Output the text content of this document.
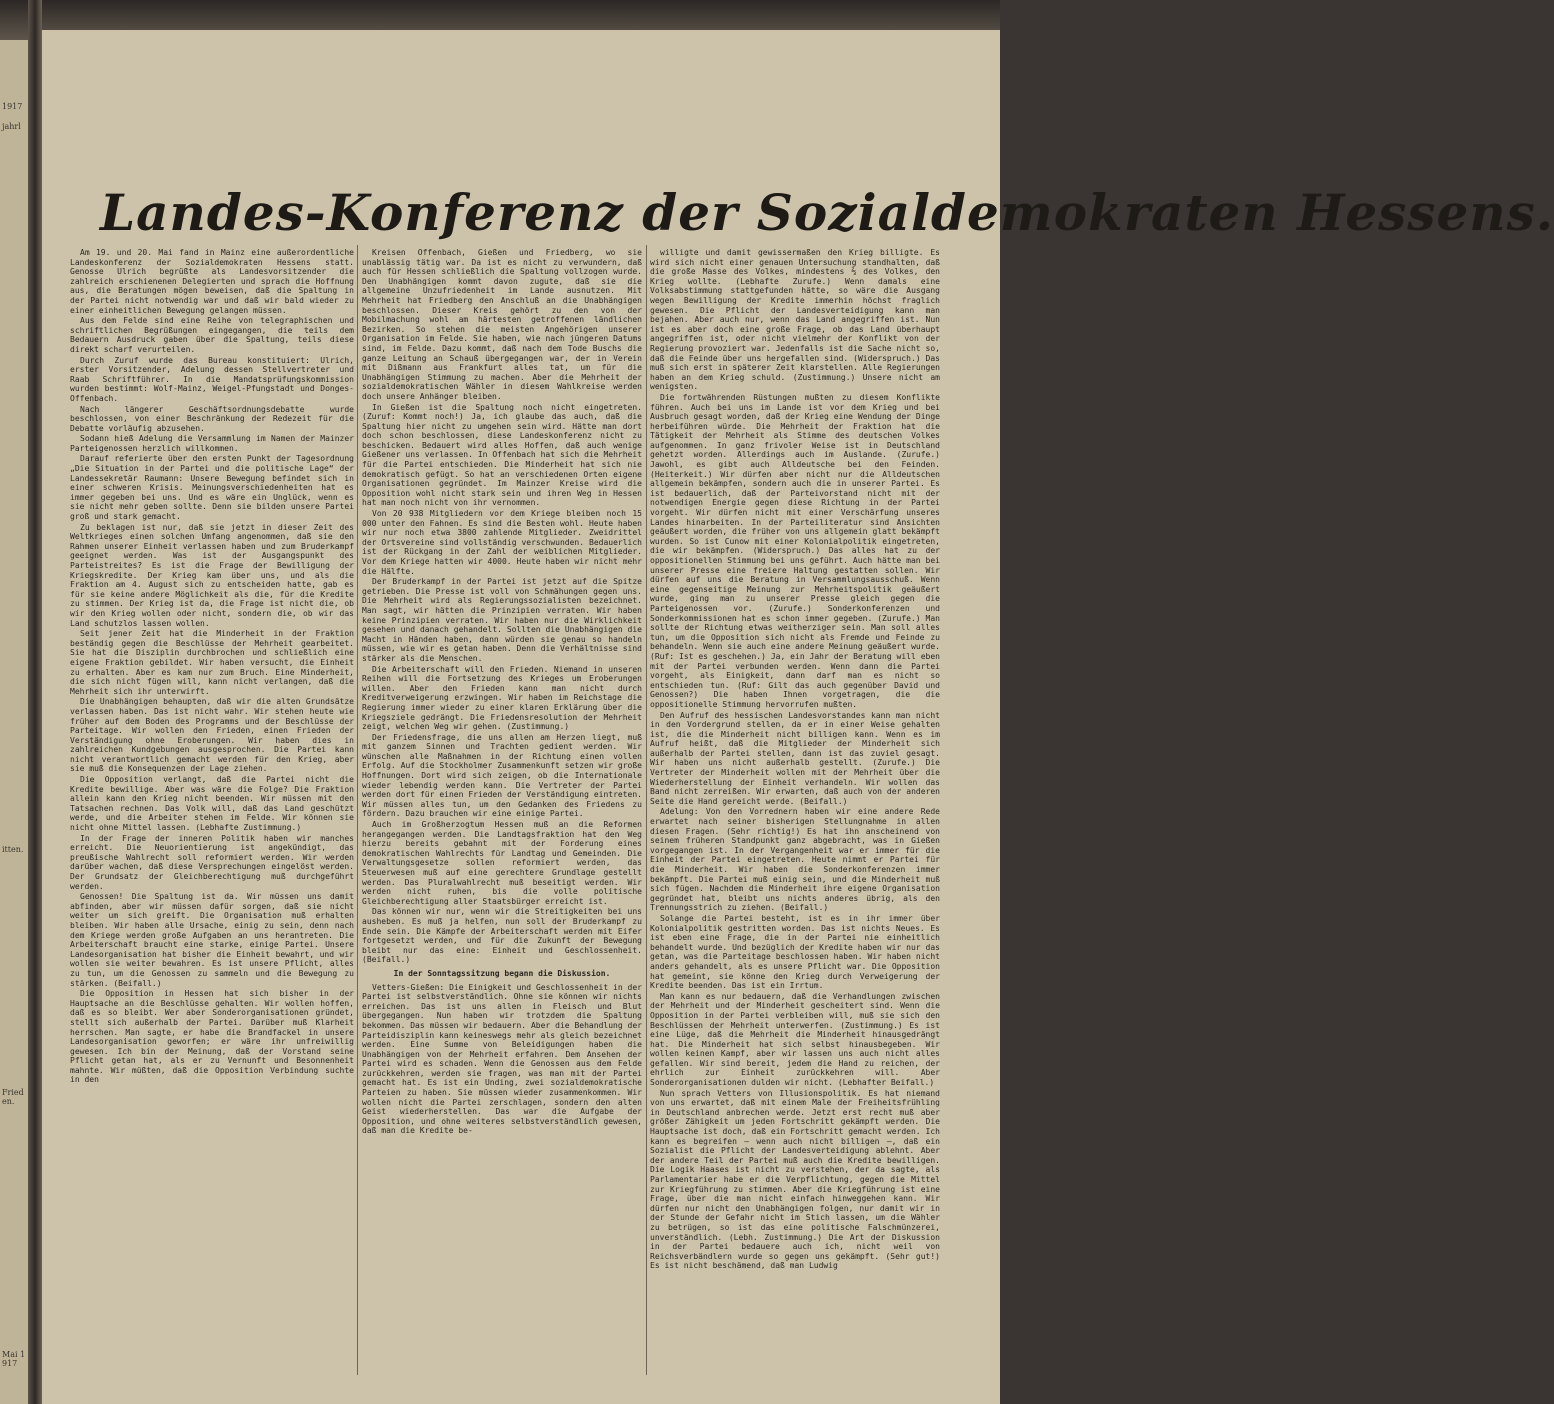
1917
jahrl
itten.
Frieden.
Mai 1917
Landes-Konferenz der Sozialdemokraten Hessens.

Am 19. und 20. Mai fand in Mainz eine außerordentliche Landeskonferenz der Sozialdemokraten Hessens statt. Genosse Ulrich begrüßte als Landesvorsitzender die zahlreich erschienenen Delegierten und sprach die Hoffnung aus, die Beratungen mögen beweisen, daß die Spaltung in der Partei nicht notwendig war und daß wir bald wieder zu einer einheitlichen Bewegung gelangen müssen.

Aus dem Felde sind eine Reihe von telegraphischen und schriftlichen Begrüßungen eingegangen, die teils dem Bedauern Ausdruck gaben über die Spaltung, teils diese direkt scharf verurteilen.

Durch Zuruf wurde das Bureau konstituiert: Ulrich, erster Vorsitzender, Adelung dessen Stellvertreter und Raab Schriftführer. In die Mandatsprüfungskommission wurden bestimmt: Wolf-Mainz, Weigel-Pfungstadt und Donges-Offenbach.

Nach längerer Geschäftsordnungsdebatte wurde beschlossen, von einer Beschränkung der Redezeit für die Debatte vorläufig abzusehen.

Sodann hieß Adelung die Versammlung im Namen der Mainzer Parteigenossen herzlich willkommen.

Darauf referierte über den ersten Punkt der Tagesordnung „Die Situation in der Partei und die politische Lage“ der Landessekretär Raumann: Unsere Bewegung befindet sich in einer schweren Krisis. Meinungsverschiedenheiten hat es immer gegeben bei uns. Und es wäre ein Unglück, wenn es sie nicht mehr geben sollte. Denn sie bilden unsere Partei groß und stark gemacht.

Zu beklagen ist nur, daß sie jetzt in dieser Zeit des Weltkrieges einen solchen Umfang angenommen, daß sie den Rahmen unserer Einheit verlassen haben und zum Bruderkampf geeignet werden. Was ist der Ausgangspunkt des Parteistreites? Es ist die Frage der Bewilligung der Kriegskredite. Der Krieg kam über uns, und als die Fraktion am 4. August sich zu entscheiden hatte, gab es für sie keine andere Möglichkeit als die, für die Kredite zu stimmen. Der Krieg ist da, die Frage ist nicht die, ob wir den Krieg wollen oder nicht, sondern die, ob wir das Land schutzlos lassen wollen.

Seit jener Zeit hat die Minderheit in der Fraktion beständig gegen die Beschlüsse der Mehrheit gearbeitet. Sie hat die Disziplin durchbrochen und schließlich eine eigene Fraktion gebildet. Wir haben versucht, die Einheit zu erhalten. Aber es kam nur zum Bruch. Eine Minderheit, die sich nicht fügen will, kann nicht verlangen, daß die Mehrheit sich ihr unterwirft.

Die Unabhängigen behaupten, daß wir die alten Grundsätze verlassen haben. Das ist nicht wahr. Wir stehen heute wie früher auf dem Boden des Programms und der Beschlüsse der Parteitage. Wir wollen den Frieden, einen Frieden der Verständigung ohne Eroberungen. Wir haben dies in zahlreichen Kundgebungen ausgesprochen. Die Partei kann nicht verantwortlich gemacht werden für den Krieg, aber sie muß die Konsequenzen der Lage ziehen.

Die Opposition verlangt, daß die Partei nicht die Kredite bewillige. Aber was wäre die Folge? Die Fraktion allein kann den Krieg nicht beenden. Wir müssen mit den Tatsachen rechnen. Das Volk will, daß das Land geschützt werde, und die Arbeiter stehen im Felde. Wir können sie nicht ohne Mittel lassen. (Lebhafte Zustimmung.)

In der Frage der inneren Politik haben wir manches erreicht. Die Neuorientierung ist angekündigt, das preußische Wahlrecht soll reformiert werden. Wir werden darüber wachen, daß diese Versprechungen eingelöst werden. Der Grundsatz der Gleichberechtigung muß durchgeführt werden.

Genossen! Die Spaltung ist da. Wir müssen uns damit abfinden, aber wir müssen dafür sorgen, daß sie nicht weiter um sich greift. Die Organisation muß erhalten bleiben. Wir haben alle Ursache, einig zu sein, denn nach dem Kriege werden große Aufgaben an uns herantreten. Die Arbeiterschaft braucht eine starke, einige Partei. Unsere Landesorganisation hat bisher die Einheit bewahrt, und wir wollen sie weiter bewahren. Es ist unsere Pflicht, alles zu tun, um die Genossen zu sammeln und die Bewegung zu stärken. (Beifall.)

Die Opposition in Hessen hat sich bisher in der Hauptsache an die Beschlüsse gehalten. Wir wollen hoffen, daß es so bleibt. Wer aber Sonderorganisationen gründet, stellt sich außerhalb der Partei. Darüber muß Klarheit herrschen. Man sagte, er habe die Brandfackel in unsere Landesorganisation geworfen; er wäre ihr unfreiwillig gewesen. Ich bin der Meinung, daß der Vorstand seine Pflicht getan hat, als er zu Vernunft und Besonnenheit mahnte. Wir müßten, daß die Opposition Verbindung suchte in den

Kreisen Offenbach, Gießen und Friedberg, wo sie unablässig tätig war. Da ist es nicht zu verwundern, daß auch für Hessen schließlich die Spaltung vollzogen wurde. Den Unabhängigen kommt davon zugute, daß sie die allgemeine Unzufriedenheit im Lande ausnutzen. Mit Mehrheit hat Friedberg den Anschluß an die Unabhängigen beschlossen. Dieser Kreis gehört zu den von der Mobilmachung wohl am härtesten getroffenen ländlichen Bezirken. So stehen die meisten Angehörigen unserer Organisation im Felde. Sie haben, wie nach jüngeren Datums sind, im Felde. Dazu kommt, daß nach dem Tode Buschs die ganze Leitung an Schauß übergegangen war, der in Verein mit Dißmann aus Frankfurt alles tat, um für die Unabhängigen Stimmung zu machen. Aber die Mehrheit der sozialdemokratischen Wähler in diesem Wahlkreise werden doch unsere Anhänger bleiben.

In Gießen ist die Spaltung noch nicht eingetreten. (Zuruf: Kommt noch!) Ja, ich glaube das auch, daß die Spaltung hier nicht zu umgehen sein wird. Hätte man dort doch schon beschlossen, diese Landeskonferenz nicht zu beschicken. Bedauert wird alles Hoffen, daß auch wenige Gießener uns verlassen. In Offenbach hat sich die Mehrheit für die Partei entschieden. Die Minderheit hat sich nie demokratisch gefügt. So hat an verschiedenen Orten eigene Organisationen gegründet. Im Mainzer Kreise wird die Opposition wohl nicht stark sein und ihren Weg in Hessen hat man noch nicht von ihr vernommen.

Von 20 938 Mitgliedern vor dem Kriege bleiben noch 15 000 unter den Fahnen. Es sind die Besten wohl. Heute haben wir nur noch etwa 3800 zahlende Mitglieder. Zweidrittel der Ortsvereine sind vollständig verschwunden. Bedauerlich ist der Rückgang in der Zahl der weiblichen Mitglieder. Vor dem Kriege hatten wir 4000. Heute haben wir nicht mehr die Hälfte.

Der Bruderkampf in der Partei ist jetzt auf die Spitze getrieben. Die Presse ist voll von Schmähungen gegen uns. Die Mehrheit wird als Regierungssozialisten bezeichnet. Man sagt, wir hätten die Prinzipien verraten. Wir haben keine Prinzipien verraten. Wir haben nur die Wirklichkeit gesehen und danach gehandelt. Sollten die Unabhängigen die Macht in Händen haben, dann würden sie genau so handeln müssen, wie wir es getan haben. Denn die Verhältnisse sind stärker als die Menschen.

Die Arbeiterschaft will den Frieden. Niemand in unseren Reihen will die Fortsetzung des Krieges um Eroberungen willen. Aber den Frieden kann man nicht durch Kreditverweigerung erzwingen. Wir haben im Reichstage die Regierung immer wieder zu einer klaren Erklärung über die Kriegsziele gedrängt. Die Friedensresolution der Mehrheit zeigt, welchen Weg wir gehen. (Zustimmung.)

Der Friedensfrage, die uns allen am Herzen liegt, muß mit ganzem Sinnen und Trachten gedient werden. Wir wünschen alle Maßnahmen in der Richtung einen vollen Erfolg. Auf die Stockholmer Zusammenkunft setzen wir große Hoffnungen. Dort wird sich zeigen, ob die Internationale wieder lebendig werden kann. Die Vertreter der Partei werden dort für einen Frieden der Verständigung eintreten. Wir müssen alles tun, um den Gedanken des Friedens zu fördern. Dazu brauchen wir eine einige Partei.

Auch im Großherzogtum Hessen muß an die Reformen herangegangen werden. Die Landtagsfraktion hat den Weg hierzu bereits gebahnt mit der Forderung eines demokratischen Wahlrechts für Landtag und Gemeinden. Die Verwaltungsgesetze sollen reformiert werden, das Steuerwesen muß auf eine gerechtere Grundlage gestellt werden. Das Pluralwahlrecht muß beseitigt werden. Wir werden nicht ruhen, bis die volle politische Gleichberechtigung aller Staatsbürger erreicht ist.

Das können wir nur, wenn wir die Streitigkeiten bei uns ausheben. Es muß ja helfen, nun soll der Bruderkampf zu Ende sein. Die Kämpfe der Arbeiterschaft werden mit Eifer fortgesetzt werden, und für die Zukunft der Bewegung bleibt nur das eine: Einheit und Geschlossenheit. (Beifall.)

In der Sonntagssitzung begann die Diskussion.

Vetters-Gießen: Die Einigkeit und Geschlossenheit in der Partei ist selbstverständlich. Ohne sie können wir nichts erreichen. Das ist uns allen in Fleisch und Blut übergegangen. Nun haben wir trotzdem die Spaltung bekommen. Das müssen wir bedauern. Aber die Behandlung der Parteidisziplin kann keineswegs mehr als gleich bezeichnet werden. Eine Summe von Beleidigungen haben die Unabhängigen von der Mehrheit erfahren. Dem Ansehen der Partei wird es schaden. Wenn die Genossen aus dem Felde zurückkehren, werden sie fragen, was man mit der Partei gemacht hat. Es ist ein Unding, zwei sozialdemokratische Parteien zu haben. Sie müssen wieder zusammenkommen. Wir wollen nicht die Partei zerschlagen, sondern den alten Geist wiederherstellen. Das war die Aufgabe der Opposition, und ohne weiteres selbstverständlich gewesen, daß man die Kredite be-

willigte und damit gewissermaßen den Krieg billigte. Es wird sich nicht einer genauen Untersuchung standhalten, daß die große Masse des Volkes, mindestens ⅔ des Volkes, den Krieg wollte. (Lebhafte Zurufe.) Wenn damals eine Volksabstimmung stattgefunden hätte, so wäre die Ausgang wegen Bewilligung der Kredite immerhin höchst fraglich gewesen. Die Pflicht der Landesverteidigung kann man bejahen. Aber auch nur, wenn das Land angegriffen ist. Nun ist es aber doch eine große Frage, ob das Land überhaupt angegriffen ist, oder nicht vielmehr der Konflikt von der Regierung provoziert war. Jedenfalls ist die Sache nicht so, daß die Feinde über uns hergefallen sind. (Widerspruch.) Das muß sich erst in späterer Zeit klarstellen. Alle Regierungen haben an dem Krieg schuld. (Zustimmung.) Unsere nicht am wenigsten.

Die fortwährenden Rüstungen mußten zu diesem Konflikte führen. Auch bei uns im Lande ist vor dem Krieg und bei Ausbruch gesagt worden, daß der Krieg eine Wendung der Dinge herbeiführen würde. Die Mehrheit der Fraktion hat die Tätigkeit der Mehrheit als Stimme des deutschen Volkes aufgenommen. In ganz frivoler Weise ist in Deutschland gehetzt worden. Allerdings auch im Auslande. (Zurufe.) Jawohl, es gibt auch Alldeutsche bei den Feinden. (Heiterkeit.) Wir dürfen aber nicht nur die Alldeutschen allgemein bekämpfen, sondern auch die in unserer Partei. Es ist bedauerlich, daß der Parteivorstand nicht mit der notwendigen Energie gegen diese Richtung in der Partei vorgeht. Wir dürfen nicht mit einer Verschärfung unseres Landes hinarbeiten. In der Parteiliteratur sind Ansichten geäußert worden, die früher von uns allgemein glatt bekämpft wurden. So ist Cunow mit einer Kolonialpolitik eingetreten, die wir bekämpfen. (Widerspruch.) Das alles hat zu der oppositionellen Stimmung bei uns geführt. Auch hätte man bei unserer Presse eine freiere Haltung gestatten sollen. Wir dürfen auf uns die Beratung in Versammlungsausschuß. Wenn eine gegenseitige Meinung zur Mehrheitspolitik geäußert wurde, ging man zu unserer Presse gleich gegen die Parteigenossen vor. (Zurufe.) Sonderkonferenzen und Sonderkommissionen hat es schon immer gegeben. (Zurufe.) Man sollte der Richtung etwas weitherziger sein. Man soll alles tun, um die Opposition sich nicht als Fremde und Feinde zu behandeln. Wenn sie auch eine andere Meinung geäußert wurde. (Ruf: Ist es geschehen.) Ja, ein Jahr der Beratung will eben mit der Partei verbunden werden. Wenn dann die Partei vorgeht, als Einigkeit, dann darf man es nicht so entschieden tun. (Ruf: Gilt das auch gegenüber David und Genossen?) Die haben Ihnen vorgetragen, die die oppositionelle Stimmung hervorrufen mußten.

Den Aufruf des hessischen Landesvorstandes kann man nicht in den Vordergrund stellen, da er in einer Weise gehalten ist, die die Minderheit nicht billigen kann. Wenn es im Aufruf heißt, daß die Mitglieder der Minderheit sich außerhalb der Partei stellen, dann ist das zuviel gesagt. Wir haben uns nicht außerhalb gestellt. (Zurufe.) Die Vertreter der Minderheit wollen mit der Mehrheit über die Wiederherstellung der Einheit verhandeln. Wir wollen das Band nicht zerreißen. Wir erwarten, daß auch von der anderen Seite die Hand gereicht werde. (Beifall.)

Adelung: Von den Vorrednern haben wir eine andere Rede erwartet nach seiner bisherigen Stellungnahme in allen diesen Fragen. (Sehr richtig!) Es hat ihn anscheinend von seinem früheren Standpunkt ganz abgebracht, was in Gießen vorgegangen ist. In der Vergangenheit war er immer für die Einheit der Partei eingetreten. Heute nimmt er Partei für die Minderheit. Wir haben die Sonderkonferenzen immer bekämpft. Die Partei muß einig sein, und die Minderheit muß sich fügen. Nachdem die Minderheit ihre eigene Organisation gegründet hat, bleibt uns nichts anderes übrig, als den Trennungsstrich zu ziehen. (Beifall.)

Solange die Partei besteht, ist es in ihr immer über Kolonialpolitik gestritten worden. Das ist nichts Neues. Es ist eben eine Frage, die in der Partei nie einheitlich behandelt wurde. Und bezüglich der Kredite haben wir nur das getan, was die Parteitage beschlossen haben. Wir haben nicht anders gehandelt, als es unsere Pflicht war. Die Opposition hat gemeint, sie könne den Krieg durch Verweigerung der Kredite beenden. Das ist ein Irrtum.

Man kann es nur bedauern, daß die Verhandlungen zwischen der Mehrheit und der Minderheit gescheitert sind. Wenn die Opposition in der Partei verbleiben will, muß sie sich den Beschlüssen der Mehrheit unterwerfen. (Zustimmung.) Es ist eine Lüge, daß die Mehrheit die Minderheit hinausgedrängt hat. Die Minderheit hat sich selbst hinausbegeben. Wir wollen keinen Kampf, aber wir lassen uns auch nicht alles gefallen. Wir sind bereit, jedem die Hand zu reichen, der ehrlich zur Einheit zurückkehren will. Aber Sonderorganisationen dulden wir nicht. (Lebhafter Beifall.)

Nun sprach Vetters von Illusionspolitik. Es hat niemand von uns erwartet, daß mit einem Male der Freiheitsfrühling in Deutschland anbrechen werde. Jetzt erst recht muß aber größer Zähigkeit um jeden Fortschritt gekämpft werden. Die Hauptsache ist doch, daß ein Fortschritt gemacht werden. Ich kann es begreifen — wenn auch nicht billigen —, daß ein Sozialist die Pflicht der Landesverteidigung ablehnt. Aber der andere Teil der Partei muß auch die Kredite bewilligen. Die Logik Haases ist nicht zu verstehen, der da sagte, als Parlamentarier habe er die Verpflichtung, gegen die Mittel zur Kriegführung zu stimmen. Aber die Kriegführung ist eine Frage, über die man nicht einfach hinweggehen kann. Wir dürfen nur nicht den Unabhängigen folgen, nur damit wir in der Stunde der Gefahr nicht im Stich lassen, um die Wähler zu betrügen, so ist das eine politische Falschmünzerei, unverständlich. (Lebh. Zustimmung.) Die Art der Diskussion in der Partei bedauere auch ich, nicht weil von Reichsverbändlern wurde so gegen uns gekämpft. (Sehr gut!) Es ist nicht beschämend, daß man Ludwig
